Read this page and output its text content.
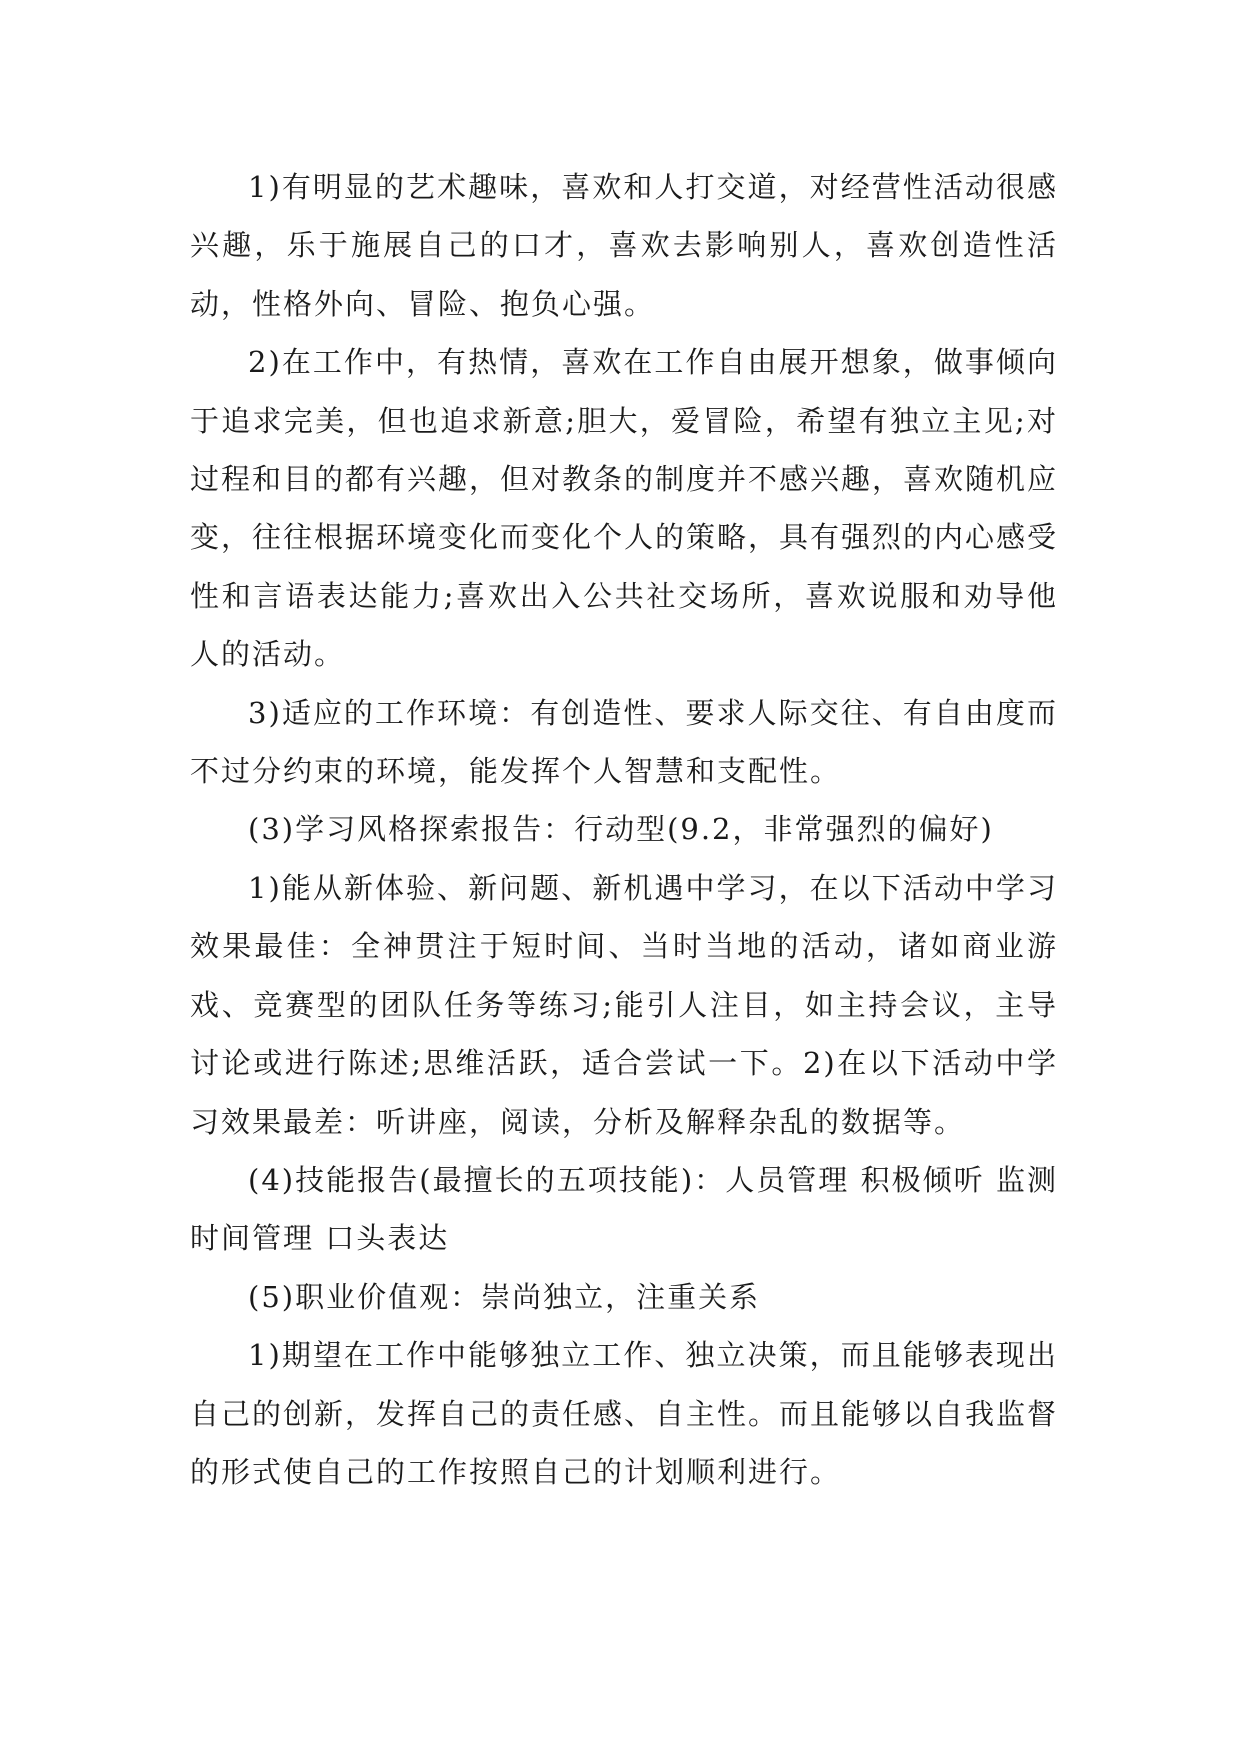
1)有明显的艺术趣味，喜欢和人打交道，对经营性活动很感兴趣，乐于施展自己的口才，喜欢去影响别人，喜欢创造性活动，性格外向、冒险、抱负心强。

2)在工作中，有热情，喜欢在工作自由展开想象，做事倾向于追求完美，但也追求新意;胆大，爱冒险，希望有独立主见;对过程和目的都有兴趣，但对教条的制度并不感兴趣，喜欢随机应变，往往根据环境变化而变化个人的策略，具有强烈的内心感受性和言语表达能力;喜欢出入公共社交场所，喜欢说服和劝导他人的活动。

3)适应的工作环境：有创造性、要求人际交往、有自由度而不过分约束的环境，能发挥个人智慧和支配性。

(3)学习风格探索报告：行动型(9.2，非常强烈的偏好)

1)能从新体验、新问题、新机遇中学习，在以下活动中学习效果最佳：全神贯注于短时间、当时当地的活动，诸如商业游戏、竞赛型的团队任务等练习;能引人注目，如主持会议，主导讨论或进行陈述;思维活跃，适合尝试一下。2)在以下活动中学习效果最差：听讲座，阅读，分析及解释杂乱的数据等。

(4)技能报告(最擅长的五项技能)：人员管理 积极倾听 监测 时间管理 口头表达

(5)职业价值观：崇尚独立，注重关系

1)期望在工作中能够独立工作、独立决策，而且能够表现出自己的创新，发挥自己的责任感、自主性。而且能够以自我监督的形式使自己的工作按照自己的计划顺利进行。
